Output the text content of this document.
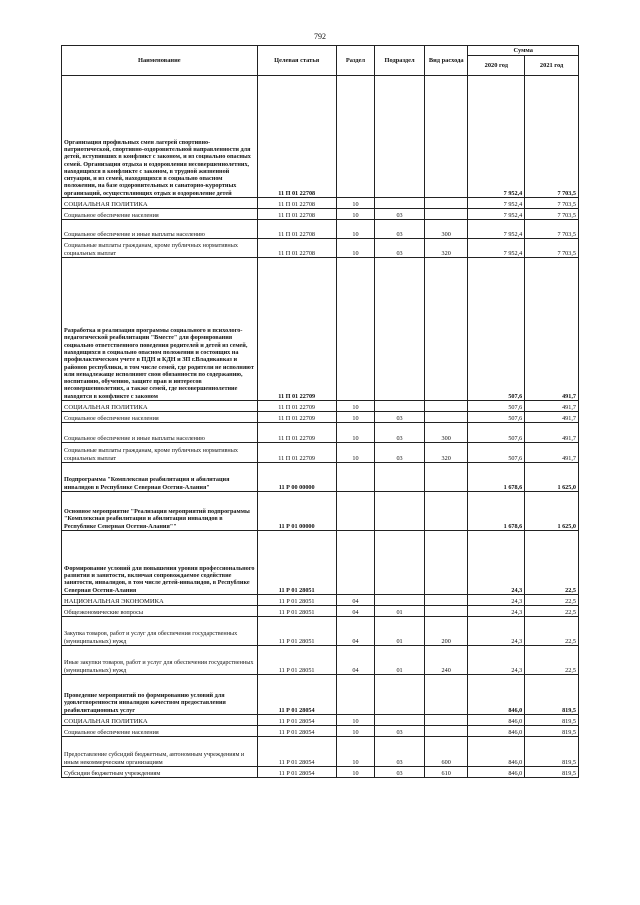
792
Наименование	Целевая статья	Раздел	Подраздел	Вид расхода	Сумма	
					2020 год	2021 год
Организация профильных смен лагерей спортивно-патриотической, спортивно-оздоровительной направленности для детей, вступивших в конфликт с законом, и из социально опасных семей. Организация отдыха и оздоровления несовершеннолетних, находящихся в конфликте с законом, в трудной жизненной ситуации, и из семей, находящихся в социально опасном положении, на базе оздоровительных и санаторно-курортных организаций, осуществляющих отдых и оздоровление детей	11 П 01 22708				7 952,4	7 703,5
СОЦИАЛЬНАЯ ПОЛИТИКА	11 П 01 22708	10			7 952,4	7 703,5
Социальное обеспечение населения	11 П 01 22708	10	03		7 952,4	7 703,5
Социальное обеспечение и иные выплаты населению	11 П 01 22708	10	03	300	7 952,4	7 703,5
Социальные выплаты гражданам, кроме публичных нормативных социальных выплат	11 П 01 22708	10	03	320	7 952,4	7 703,5
Разработка и реализация программы социального и психолого-педагогической реабилитации "Вместе" для формирования социально ответственного поведения родителей и детей из семей, находящихся в социально опасном положении и состоящих на профилактическом учете в ПДН и КДН и ЗП г.Владикавказ и районов республики, в том числе семей, где родители не исполняют или ненадлежаще исполняют свои обязанности по содержанию, воспитанию, обучению, защите прав и интересов несовершеннолетних, а также семей, где несовершеннолетние находятся в конфликте с законом	11 П 01 22709				507,6	491,7
СОЦИАЛЬНАЯ ПОЛИТИКА	11 П 01 22709	10			507,6	491,7
Социальное обеспечение населения	11 П 01 22709	10	03		507,6	491,7
Социальное обеспечение и иные выплаты населению	11 П 01 22709	10	03	300	507,6	491,7
Социальные выплаты гражданам, кроме публичных нормативных социальных выплат	11 П 01 22709	10	03	320	507,6	491,7
Подпрограмма "Комплексная реабилитация и абилитация инвалидов в Республике Северная Осетия-Алания"	11 Р 00 00000				1 678,6	1 625,0
Основное мероприятие "Реализация мероприятий подпрограммы "Комплексная реабилитация и абилитация инвалидов в Республике Северная Осетия-Алания""	11 Р 01 00000				1 678,6	1 625,0
Формирование условий для повышения уровня профессионального развития и занятости, включая сопровождаемое содействие занятости, инвалидов, в том числе детей-инвалидов, в Республике Северная Осетия-Алания	11 Р 01 28051				24,3	22,5
НАЦИОНАЛЬНАЯ ЭКОНОМИКА	11 Р 01 28051	04			24,3	22,5
Общеэкономические вопросы	11 Р 01 28051	04	01		24,3	22,5
Закупка товаров, работ и услуг для обеспечения государственных (муниципальных) нужд	11 Р 01 28051	04	01	200	24,3	22,5
Иные закупки товаров, работ и услуг для обеспечения государственных (муниципальных) нужд	11 Р 01 28051	04	01	240	24,3	22,5
Проведение мероприятий по формированию условий для удовлетворенности инвалидов качеством предоставления реабилитационных услуг	11 Р 01 28054				846,0	819,5
СОЦИАЛЬНАЯ ПОЛИТИКА	11 Р 01 28054	10			846,0	819,5
Социальное обеспечение населения	11 Р 01 28054	10	03		846,0	819,5
Предоставление субсидий бюджетным, автономным учреждениям и иным некоммерческим организациям	11 Р 01 28054	10	03	600	846,0	819,5
Субсидии бюджетным учреждениям	11 Р 01 28054	10	03	610	846,0	819,5
